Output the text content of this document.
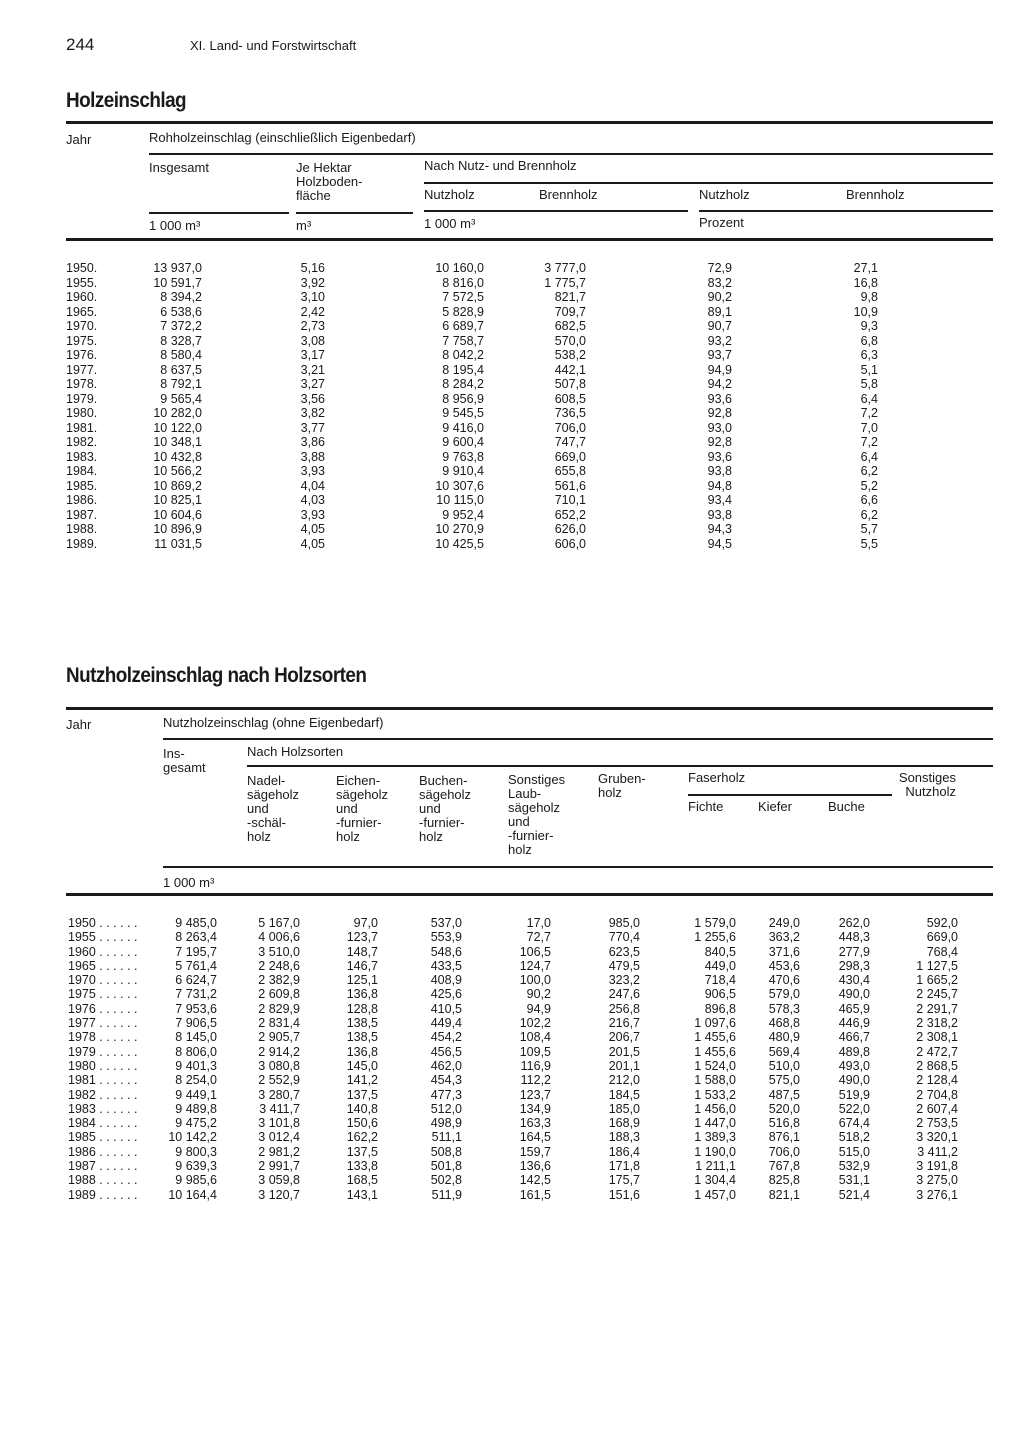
244	XI. Land- und Forstwirtschaft
Holzeinschlag
Jahr	Rohholzeinschlag (einschließlich Eigenbedarf)
Insgesamt	Je Hektar
Holzboden-
fläche
Nach Nutz- und Brennholz
Nutzholz	Brennholz	Nutzholz	Brennholz
1 000 m³	m³	1 000 m³	Prozent
1950.	13 937,0	5,16	10 160,0	3 777,0	72,9	27,1
1955.	10 591,7	3,92	8 816,0	1 775,7	83,2	16,8
1960.	8 394,2	3,10	7 572,5	821,7	90,2	9,8
1965.	6 538,6	2,42	5 828,9	709,7	89,1	10,9
1970.	7 372,2	2,73	6 689,7	682,5	90,7	9,3
1975.	8 328,7	3,08	7 758,7	570,0	93,2	6,8
1976.	8 580,4	3,17	8 042,2	538,2	93,7	6,3
1977.	8 637,5	3,21	8 195,4	442,1	94,9	5,1
1978.	8 792,1	3,27	8 284,2	507,8	94,2	5,8
1979.	9 565,4	3,56	8 956,9	608,5	93,6	6,4
1980.	10 282,0	3,82	9 545,5	736,5	92,8	7,2
1981.	10 122,0	3,77	9 416,0	706,0	93,0	7,0
1982.	10 348,1	3,86	9 600,4	747,7	92,8	7,2
1983.	10 432,8	3,88	9 763,8	669,0	93,6	6,4
1984.	10 566,2	3,93	9 910,4	655,8	93,8	6,2
1985.	10 869,2	4,04	10 307,6	561,6	94,8	5,2
1986.	10 825,1	4,03	10 115,0	710,1	93,4	6,6
1987.	10 604,6	3,93	9 952,4	652,2	93,8	6,2
1988.	10 896,9	4,05	10 270,9	626,0	94,3	5,7
1989.	11 031,5	4,05	10 425,5	606,0	94,5	5,5
Nutzholzeinschlag nach Holzsorten
Jahr	Nutzholzeinschlag (ohne Eigenbedarf)
Ins-
gesamt
Nach Holzsorten
Nadel-
sägeholz
und
-schäl-
holz
Eichen-
sägeholz
und
-furnier-
holz
Buchen-
sägeholz
und
-furnier-
holz
Sonstiges
Laub-
sägeholz
und
-furnier-
holz
Gruben-
holz
Faserholz
Fichte	Kiefer	Buche
Sonstiges
Nutzholz
1 000 m³
1950 . . . . . .	9 485,0	5 167,0	97,0	537,0	17,0	985,0	1 579,0	249,0	262,0	592,0
1955 . . . . . .	8 263,4	4 006,6	123,7	553,9	72,7	770,4	1 255,6	363,2	448,3	669,0
1960 . . . . . .	7 195,7	3 510,0	148,7	548,6	106,5	623,5	840,5	371,6	277,9	768,4
1965 . . . . . .	5 761,4	2 248,6	146,7	433,5	124,7	479,5	449,0	453,6	298,3	1 127,5
1970 . . . . . .	6 624,7	2 382,9	125,1	408,9	100,0	323,2	718,4	470,6	430,4	1 665,2
1975 . . . . . .	7 731,2	2 609,8	136,8	425,6	90,2	247,6	906,5	579,0	490,0	2 245,7
1976 . . . . . .	7 953,6	2 829,9	128,8	410,5	94,9	256,8	896,8	578,3	465,9	2 291,7
1977 . . . . . .	7 906,5	2 831,4	138,5	449,4	102,2	216,7	1 097,6	468,8	446,9	2 318,2
1978 . . . . . .	8 145,0	2 905,7	138,5	454,2	108,4	206,7	1 455,6	480,9	466,7	2 308,1
1979 . . . . . .	8 806,0	2 914,2	136,8	456,5	109,5	201,5	1 455,6	569,4	489,8	2 472,7
1980 . . . . . .	9 401,3	3 080,8	145,0	462,0	116,9	201,1	1 524,0	510,0	493,0	2 868,5
1981 . . . . . .	8 254,0	2 552,9	141,2	454,3	112,2	212,0	1 588,0	575,0	490,0	2 128,4
1982 . . . . . .	9 449,1	3 280,7	137,5	477,3	123,7	184,5	1 533,2	487,5	519,9	2 704,8
1983 . . . . . .	9 489,8	3 411,7	140,8	512,0	134,9	185,0	1 456,0	520,0	522,0	2 607,4
1984 . . . . . .	9 475,2	3 101,8	150,6	498,9	163,3	168,9	1 447,0	516,8	674,4	2 753,5
1985 . . . . . .	10 142,2	3 012,4	162,2	511,1	164,5	188,3	1 389,3	876,1	518,2	3 320,1
1986 . . . . . .	9 800,3	2 981,2	137,5	508,8	159,7	186,4	1 190,0	706,0	515,0	3 411,2
1987 . . . . . .	9 639,3	2 991,7	133,8	501,8	136,6	171,8	1 211,1	767,8	532,9	3 191,8
1988 . . . . . .	9 985,6	3 059,8	168,5	502,8	142,5	175,7	1 304,4	825,8	531,1	3 275,0
1989 . . . . . .	10 164,4	3 120,7	143,1	511,9	161,5	151,6	1 457,0	821,1	521,4	3 276,1
